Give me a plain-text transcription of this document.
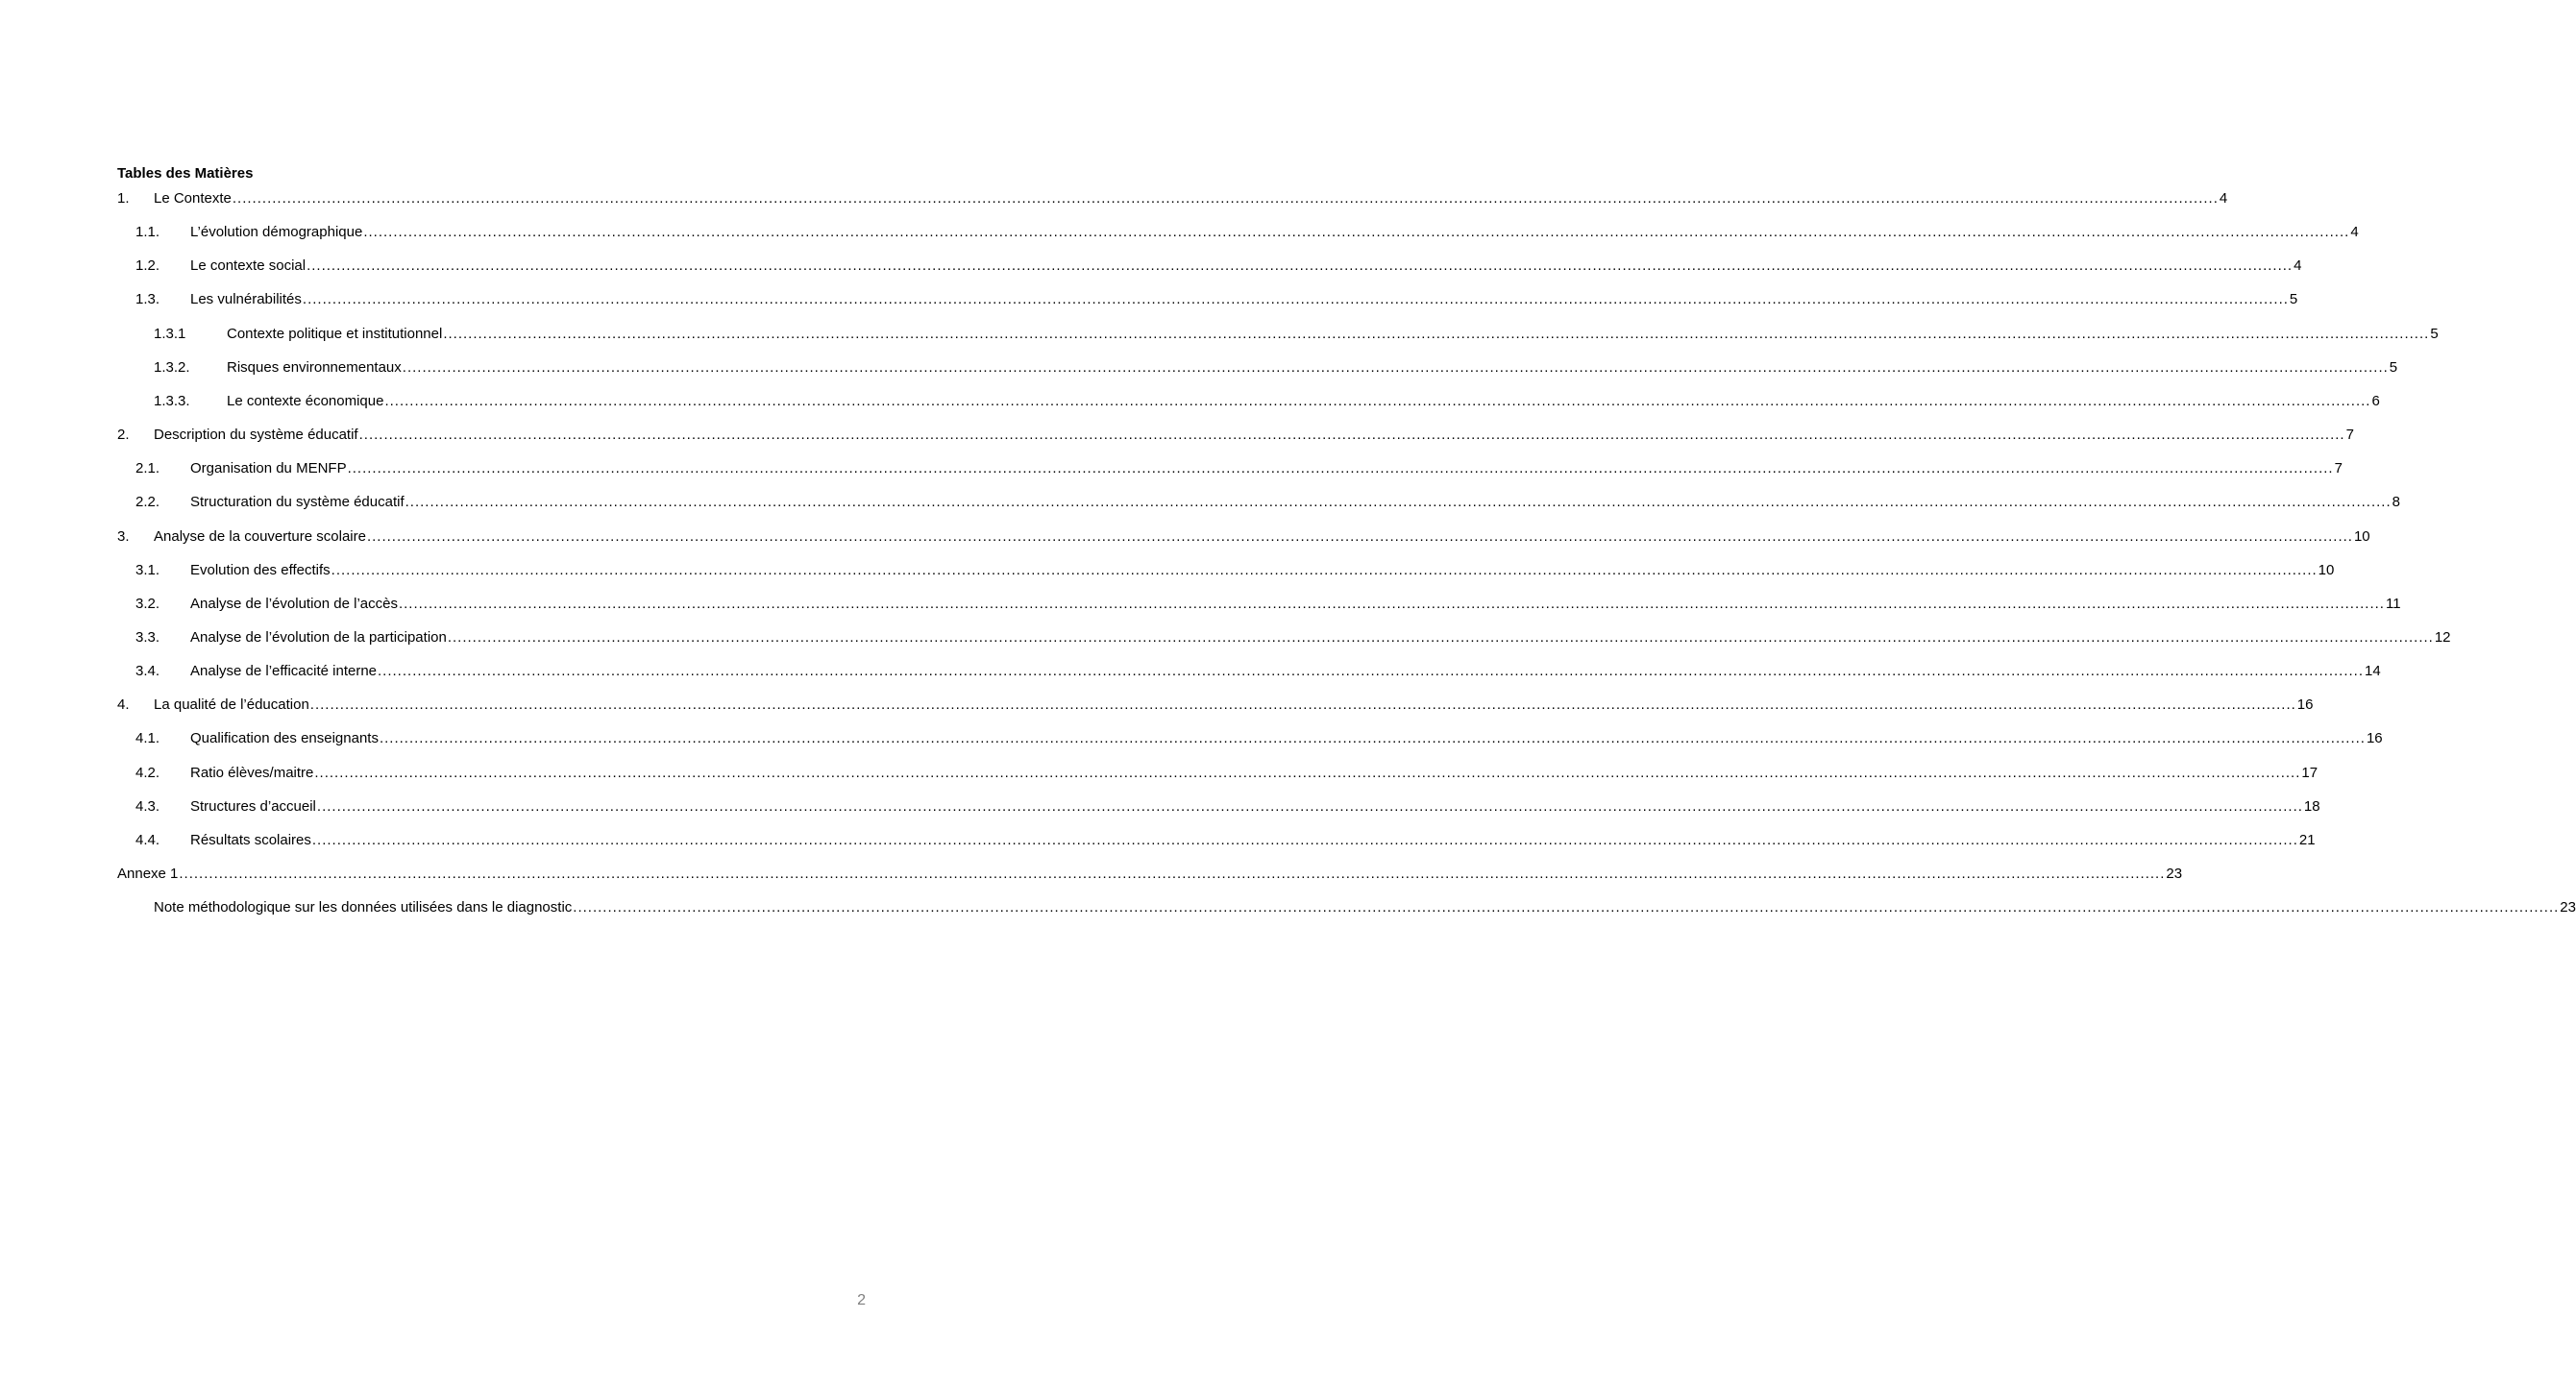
Tables des Matières
1. Le Contexte ................................................................................................................................................................................................................................................................................................................................................................................................................ 4
1.1. L’évolution démographique ................................................................................................................................................................................................................................................................................................................................................................................................................ 4
1.2. Le contexte social ................................................................................................................................................................................................................................................................................................................................................................................................................ 4
1.3. Les vulnérabilités ................................................................................................................................................................................................................................................................................................................................................................................................................ 5
1.3.1	Contexte politique et institutionnel ................................................................................................................................................................................................................................................................................................................................................................................................................ 5
1.3.2.	Risques environnementaux ................................................................................................................................................................................................................................................................................................................................................................................................................ 5
1.3.3.	Le contexte économique ................................................................................................................................................................................................................................................................................................................................................................................................................ 6
2. Description du système éducatif ................................................................................................................................................................................................................................................................................................................................................................................................................ 7
2.1. Organisation du MENFP ................................................................................................................................................................................................................................................................................................................................................................................................................ 7
2.2. Structuration du système éducatif ................................................................................................................................................................................................................................................................................................................................................................................................................ 8
3. Analyse de la couverture scolaire ................................................................................................................................................................................................................................................................................................................................................................................................................ 10
3.1. Evolution des effectifs ................................................................................................................................................................................................................................................................................................................................................................................................................ 10
3.2. Analyse de l’évolution de l’accès ................................................................................................................................................................................................................................................................................................................................................................................................................ 11
3.3. Analyse de l’évolution de la participation ................................................................................................................................................................................................................................................................................................................................................................................................................ 12
3.4. Analyse de l’efficacité interne ................................................................................................................................................................................................................................................................................................................................................................................................................ 14
4. La qualité de l’éducation ................................................................................................................................................................................................................................................................................................................................................................................................................ 16
4.1. Qualification des enseignants ................................................................................................................................................................................................................................................................................................................................................................................................................ 16
4.2. Ratio élèves/maitre ................................................................................................................................................................................................................................................................................................................................................................................................................ 17
4.3. Structures d’accueil ................................................................................................................................................................................................................................................................................................................................................................................................................ 18
4.4. Résultats scolaires ................................................................................................................................................................................................................................................................................................................................................................................................................ 21
Annexe 1 ................................................................................................................................................................................................................................................................................................................................................................................................................ 23
Note méthodologique sur les données utilisées dans le diagnostic ................................................................................................................................................................................................................................................................................................................................................................................................................ 23
2
